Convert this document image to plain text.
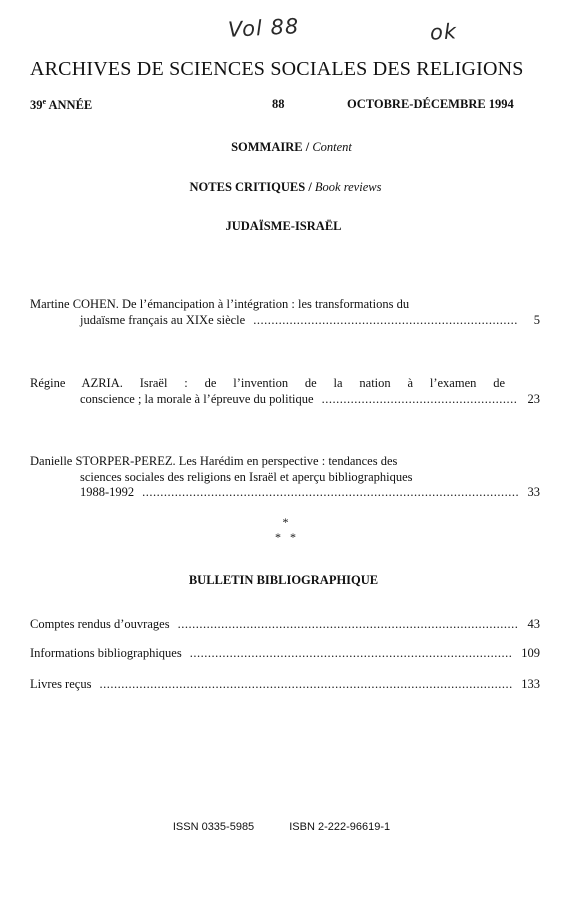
Vol 88	ok
ARCHIVES DE SCIENCES SOCIALES DES RELIGIONS
39e ANNÉE	88	OCTOBRE-DÉCEMBRE 1994
SOMMAIRE / Content
NOTES CRITIQUES / Book reviews
JUDAÏSME-ISRAËL
Martine COHEN. De l’émancipation à l’intégration : les transformations du
judaïsme français au XIXe siècle .....	5
Régine AZRIA. Israël : de l’invention de la nation à l’examen de
conscience ; la morale à l’épreuve du politique .....	23
Danielle STORPER-PEREZ. Les Harédim en perspective : tendances des
sciences sociales des religions en Israël et aperçu bibliographiques
1988-1992 .....	33
*
* *
BULLETIN BIBLIOGRAPHIQUE
Comptes rendus d’ouvrages .....	43
Informations bibliographiques .....	109
Livres reçus .....	133
ISSN 0335-5985	ISBN 2-222-96619-1
